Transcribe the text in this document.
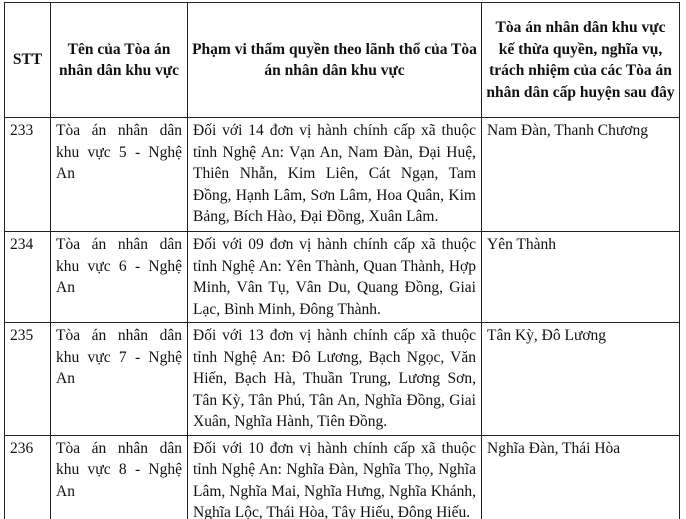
STT	Tên của Tòa án nhân dân khu vực	Phạm vi thẩm quyền theo lãnh thổ của Tòa án nhân dân khu vực	Tòa án nhân dân khu vực kế thừa quyền, nghĩa vụ, trách nhiệm của các Tòa án nhân dân cấp huyện sau đây
233	Tòa án nhân dân khu vực 5 - Nghệ An	Đối với 14 đơn vị hành chính cấp xã thuộc tỉnh Nghệ An: Vạn An, Nam Đàn, Đại Huệ, Thiên Nhẫn, Kim Liên, Cát Ngạn, Tam Đồng, Hạnh Lâm, Sơn Lâm, Hoa Quân, Kim Bảng, Bích Hào, Đại Đồng, Xuân Lâm.	Nam Đàn, Thanh Chương
234	Tòa án nhân dân khu vực 6 - Nghệ An	Đối với 09 đơn vị hành chính cấp xã thuộc tỉnh Nghệ An: Yên Thành, Quan Thành, Hợp Minh, Vân Tụ, Vân Du, Quang Đồng, Giai Lạc, Bình Minh, Đông Thành.	Yên Thành
235	Tòa án nhân dân khu vực 7 - Nghệ An	Đối với 13 đơn vị hành chính cấp xã thuộc tỉnh Nghệ An: Đô Lương, Bạch Ngọc, Văn Hiến, Bạch Hà, Thuần Trung, Lương Sơn, Tân Kỳ, Tân Phú, Tân An, Nghĩa Đồng, Giai Xuân, Nghĩa Hành, Tiên Đồng.	Tân Kỳ, Đô Lương
236	Tòa án nhân dân khu vực 8 - Nghệ An	Đối với 10 đơn vị hành chính cấp xã thuộc tỉnh Nghệ An: Nghĩa Đàn, Nghĩa Thọ, Nghĩa Lâm, Nghĩa Mai, Nghĩa Hưng, Nghĩa Khánh, Nghĩa Lộc, Thái Hòa, Tây Hiếu, Đông Hiếu.	Nghĩa Đàn, Thái Hòa
